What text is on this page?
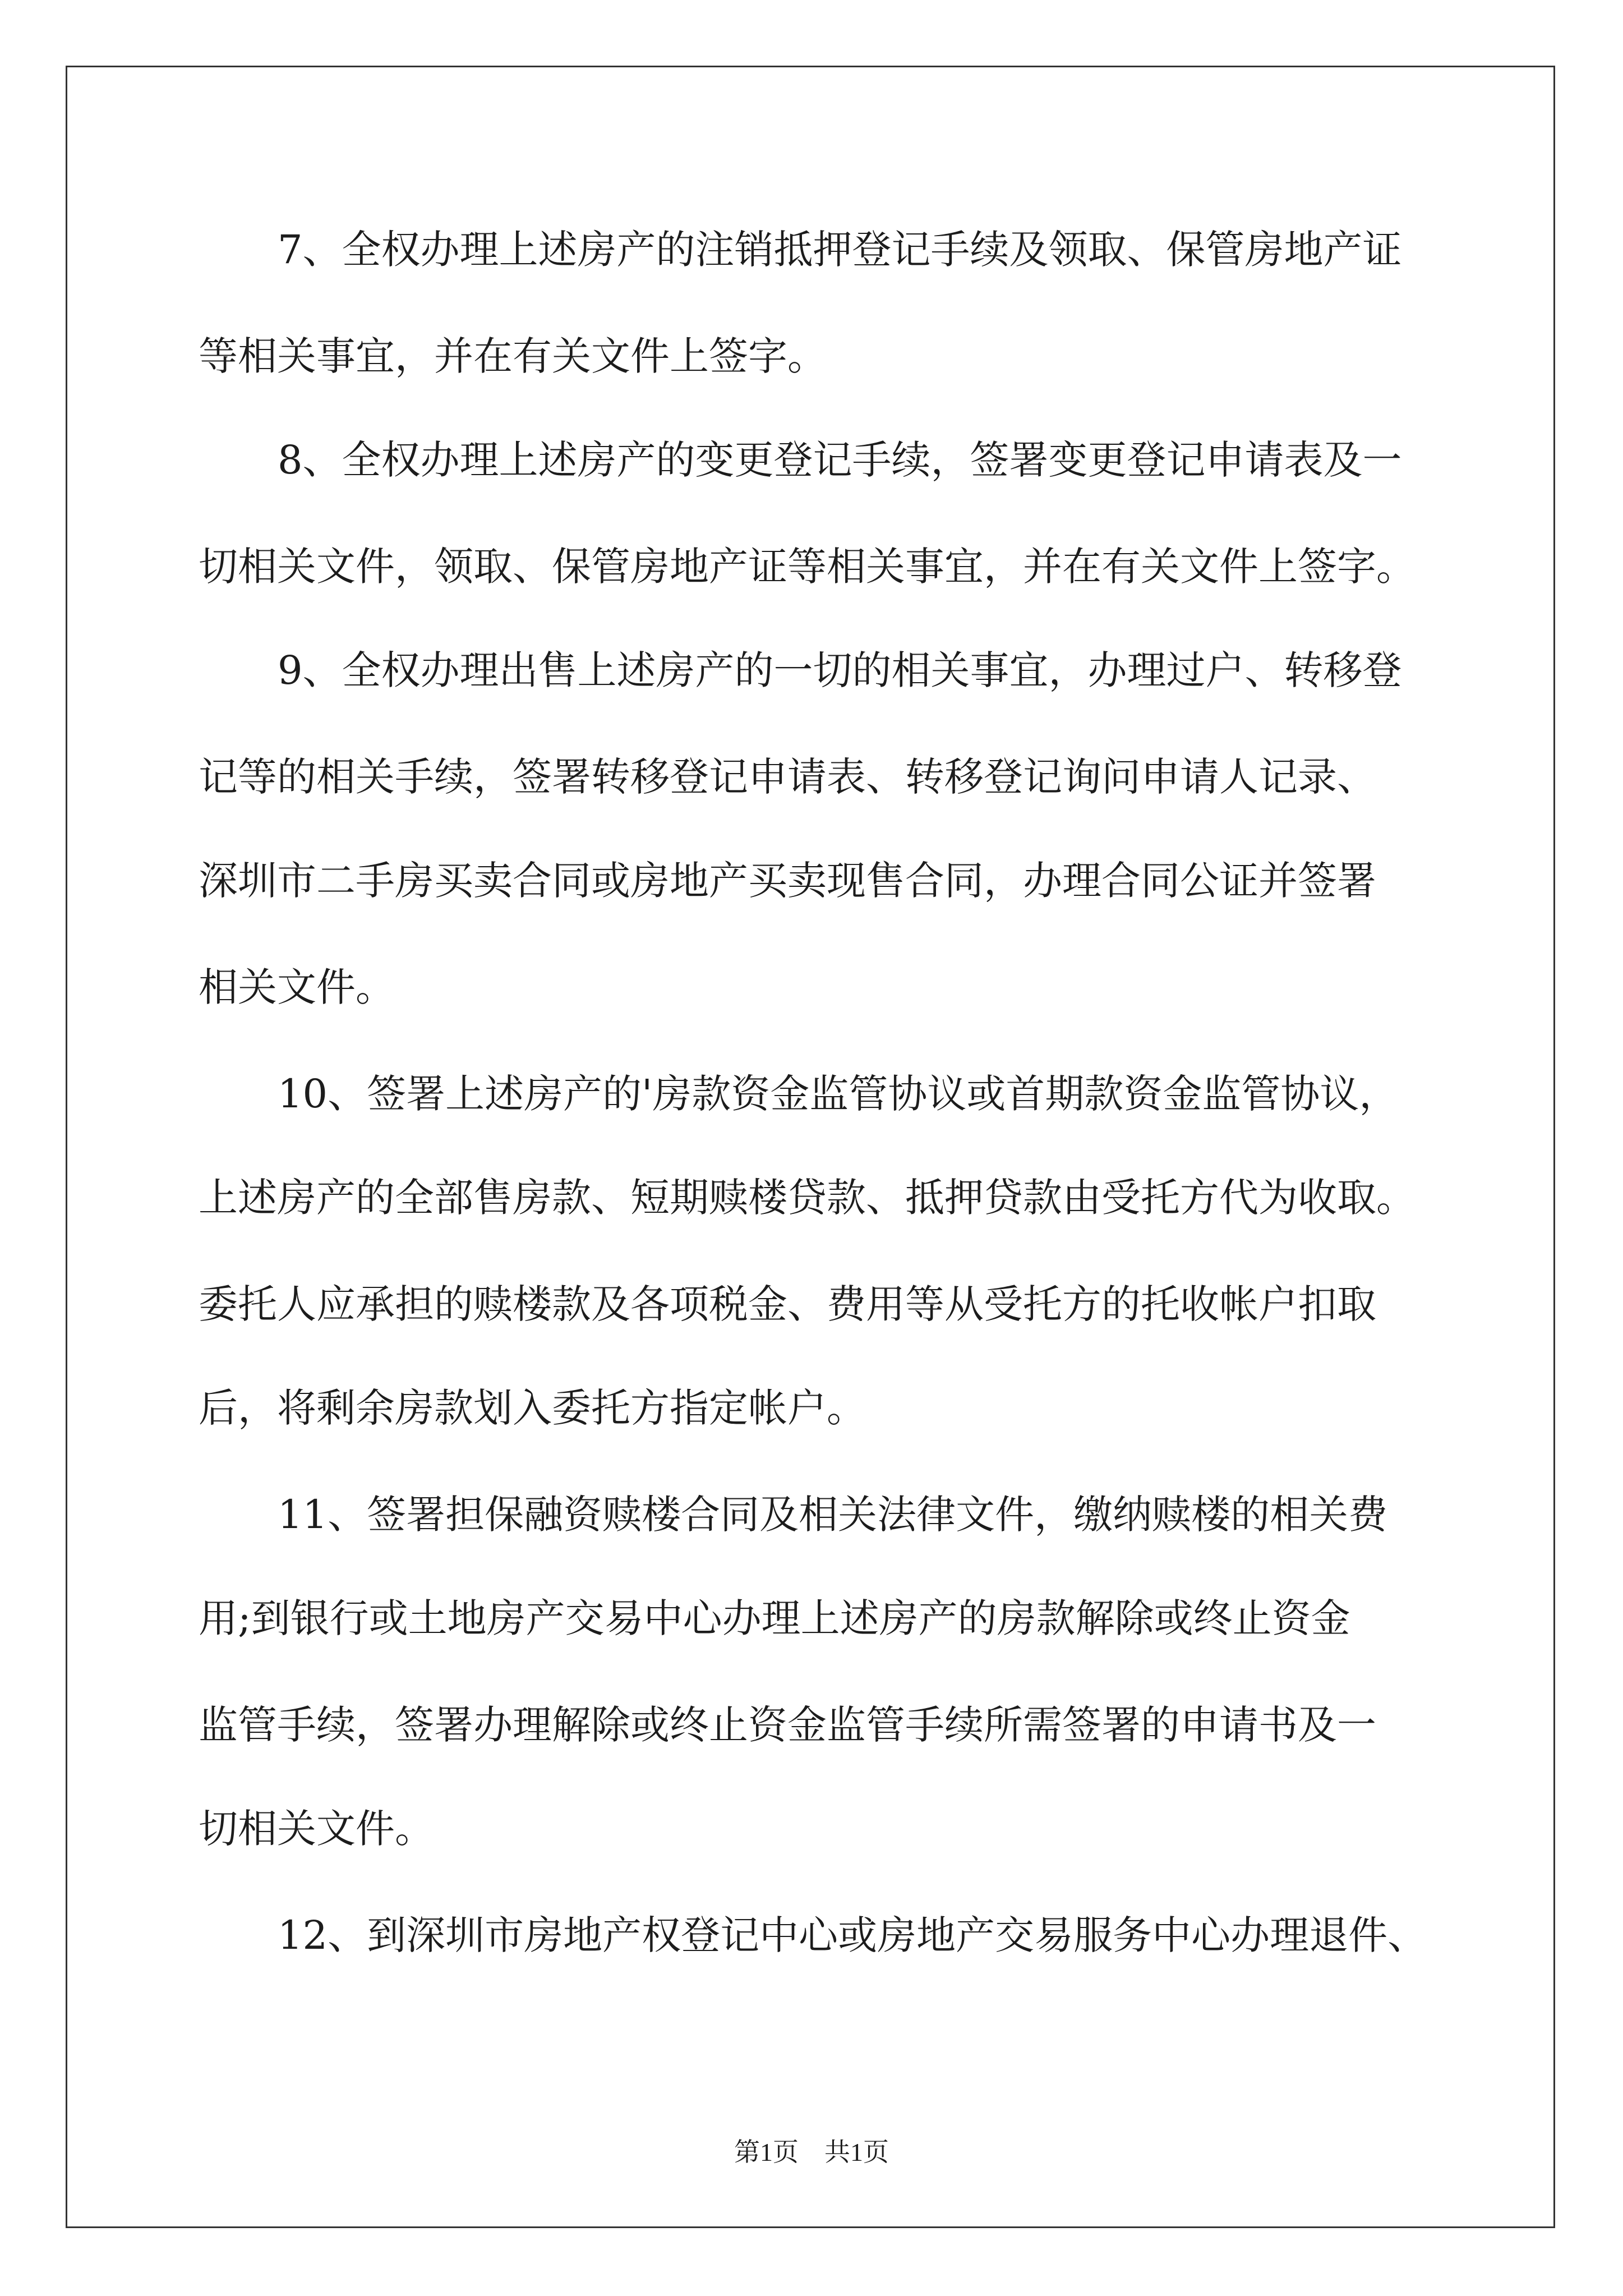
7、全权办理上述房产的注销抵押登记手续及领取、保管房地产证
等相关事宜，并在有关文件上签字。
8、全权办理上述房产的变更登记手续，签署变更登记申请表及一
切相关文件，领取、保管房地产证等相关事宜，并在有关文件上签字。
9、全权办理出售上述房产的一切的相关事宜，办理过户、转移登
记等的相关手续，签署转移登记申请表、转移登记询问申请人记录、
深圳市二手房买卖合同或房地产买卖现售合同，办理合同公证并签署
相关文件。
10、签署上述房产的'房款资金监管协议或首期款资金监管协议，
上述房产的全部售房款、短期赎楼贷款、抵押贷款由受托方代为收取。
委托人应承担的赎楼款及各项税金、费用等从受托方的托收帐户扣取
后，将剩余房款划入委托方指定帐户。
11、签署担保融资赎楼合同及相关法律文件，缴纳赎楼的相关费
用;到银行或土地房产交易中心办理上述房产的房款解除或终止资金
监管手续，签署办理解除或终止资金监管手续所需签署的申请书及一
切相关文件。
12、到深圳市房地产权登记中心或房地产交易服务中心办理退件、
第1页　共1页
